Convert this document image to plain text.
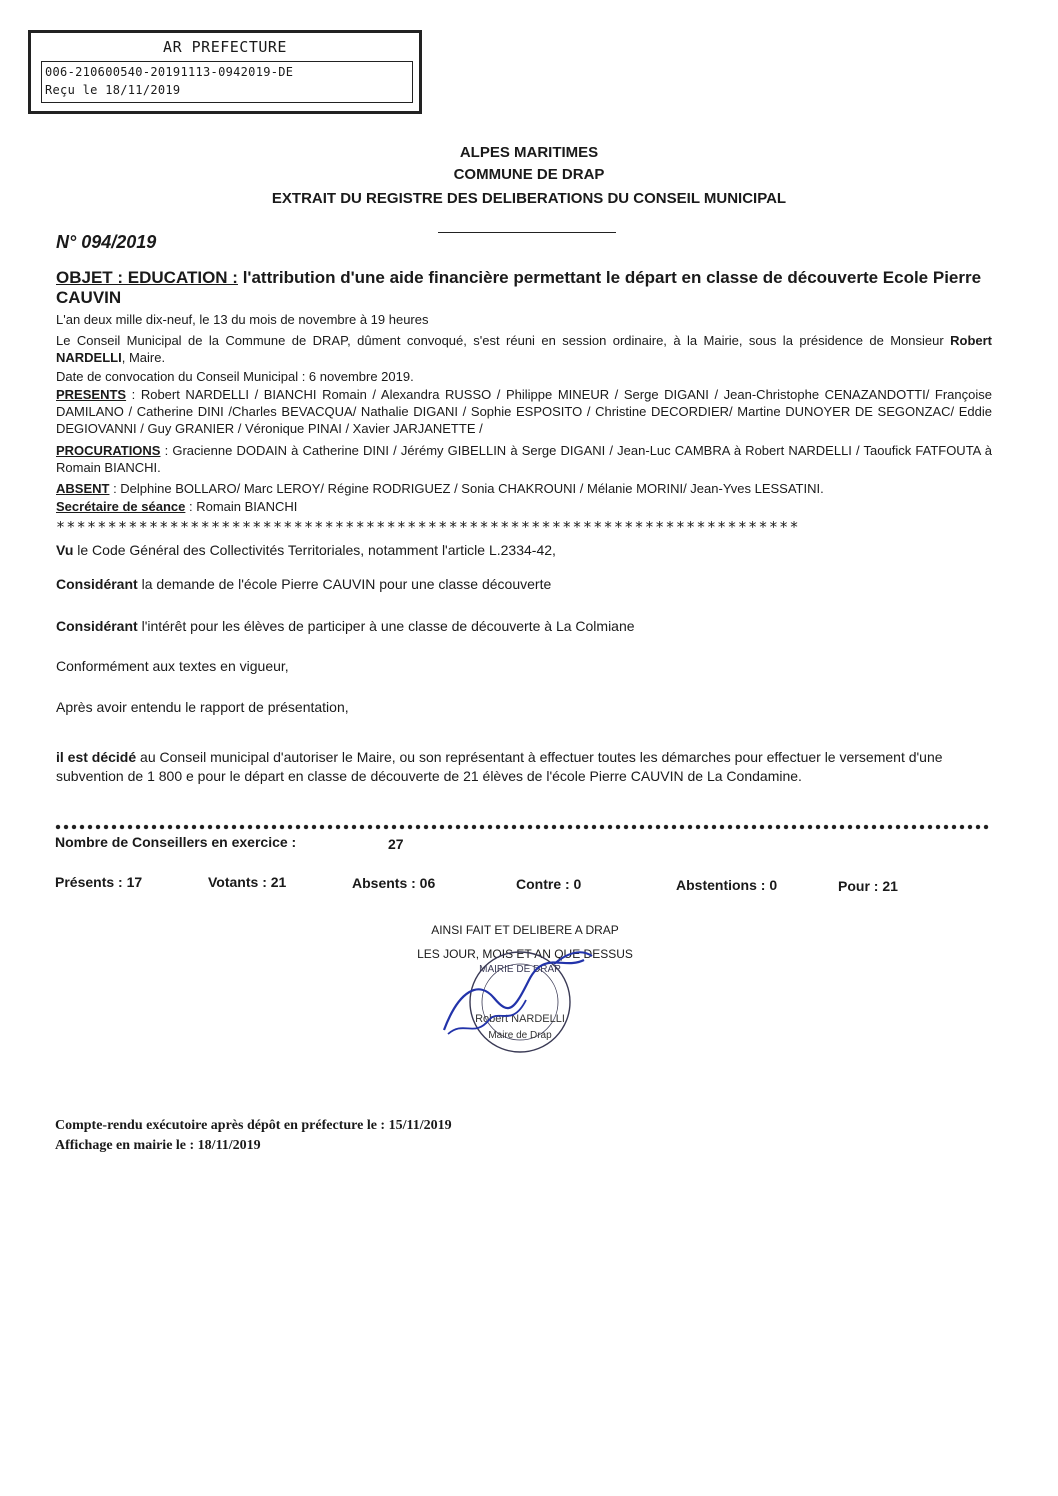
AR PREFECTURE
006-210600540-20191113-0942019-DE
Reçu le 18/11/2019
ALPES MARITIMES
COMMUNE DE DRAP
EXTRAIT DU REGISTRE DES DELIBERATIONS DU CONSEIL MUNICIPAL
N° 094/2019
OBJET : EDUCATION : l'attribution d'une aide financière permettant le départ en classe de découverte Ecole Pierre CAUVIN
L'an deux mille dix-neuf, le 13 du mois de novembre à 19 heures
Le Conseil Municipal de la Commune de DRAP, dûment convoqué, s'est réuni en session ordinaire, à la Mairie, sous la présidence de Monsieur Robert NARDELLI, Maire.
Date de convocation du Conseil Municipal : 6 novembre 2019.
PRESENTS : Robert NARDELLI / BIANCHI Romain / Alexandra RUSSO / Philippe MINEUR / Serge DIGANI / Jean-Christophe CENAZANDOTTI/ Françoise DAMILANO / Catherine DINI /Charles BEVACQUA/ Nathalie DIGANI / Sophie ESPOSITO / Christine DECORDIER/ Martine DUNOYER DE SEGONZAC/ Eddie DEGIOVANNI / Guy GRANIER / Véronique PINAI / Xavier JARJANETTE /
PROCURATIONS : Gracienne DODAIN à Catherine DINI / Jérémy GIBELLIN à Serge DIGANI / Jean-Luc CAMBRA à Robert NARDELLI / Taoufick FATFOUTA à Romain BIANCHI.
ABSENT : Delphine BOLLARO/ Marc LEROY/ Régine RODRIGUEZ / Sonia CHAKROUNI / Mélanie MORINI/ Jean-Yves LESSATINI.
Secrétaire de séance : Romain BIANCHI
************************************************************************
Vu le Code Général des Collectivités Territoriales, notamment l'article L.2334-42,
Considérant la demande de l'école Pierre CAUVIN pour une classe découverte
Considérant l'intérêt pour les élèves de participer à une classe de découverte à La Colmiane
Conformément aux textes en vigueur,
Après avoir entendu le rapport de présentation,
il est décidé au Conseil municipal d'autoriser le Maire, ou son représentant à effectuer toutes les démarches pour effectuer le versement d'une subvention de 1 800 e pour le départ en classe de découverte de 21 élèves de l'école Pierre CAUVIN de La Condamine.
Nombre de Conseillers en exercice :	27
Présents : 17	Votants : 21	Absents : 06	Contre : 0	Abstentions : 0	Pour : 21
AINSI FAIT ET DELIBERE A DRAP
LES JOUR, MOIS ET AN QUE DESSUS
MAIRIE DE DRAP
Robert NARDELLI
Maire de Drap
Compte-rendu exécutoire après dépôt en préfecture le : 15/11/2019
Affichage en mairie le : 18/11/2019
